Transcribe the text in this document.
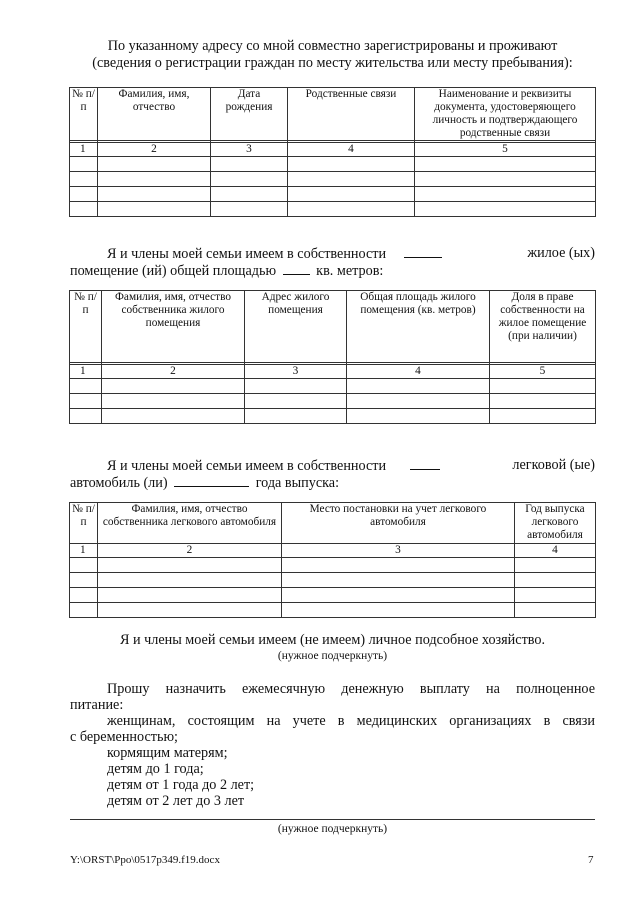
По указанному адресу со мной совместно зарегистрированы и проживают
(сведения о регистрации граждан по месту жительства или месту пребывания):
№ п/п	Фамилия, имя, отчество	Дата рождения	Родственные связи	Наименование и реквизиты документа, удостоверяющего личность и подтверждающего родственные связи

1	2	3	4	5

Я и члены моей семьи имеем в собственности	жилое (ых)
помещение (ий) общей площадью	кв. метров:
№ п/п	Фамилия, имя, отчество собственника жилого помещения	Адрес жилого помещения	Общая площадь жилого помещения (кв. метров)	Доля в праве собственности на жилое помещение (при наличии)

1	2	3	4	5

Я и члены моей семьи имеем в собственности	легковой (ые)
автомобиль (ли)	года выпуска:
№ п/п	Фамилия, имя, отчество собственника легкового автомобиля	Место постановки на учет легкового автомобиля	Год выпуска легкового автомобиля
1	2	3	4

Я и члены моей семьи имеем (не имеем) личное подсобное хозяйство.
(нужное подчеркнуть)
Прошу назначить ежемесячную денежную выплату на полноценное
питание:
женщинам, состоящим на учете в медицинских организациях в связи
с беременностью;
кормящим матерям;
детям до 1 года;
детям от 1 года до 2 лет;
детям от 2 лет до 3 лет
(нужное подчеркнуть)
Y:\ORST\Ppo\0517p349.f19.docx	7
